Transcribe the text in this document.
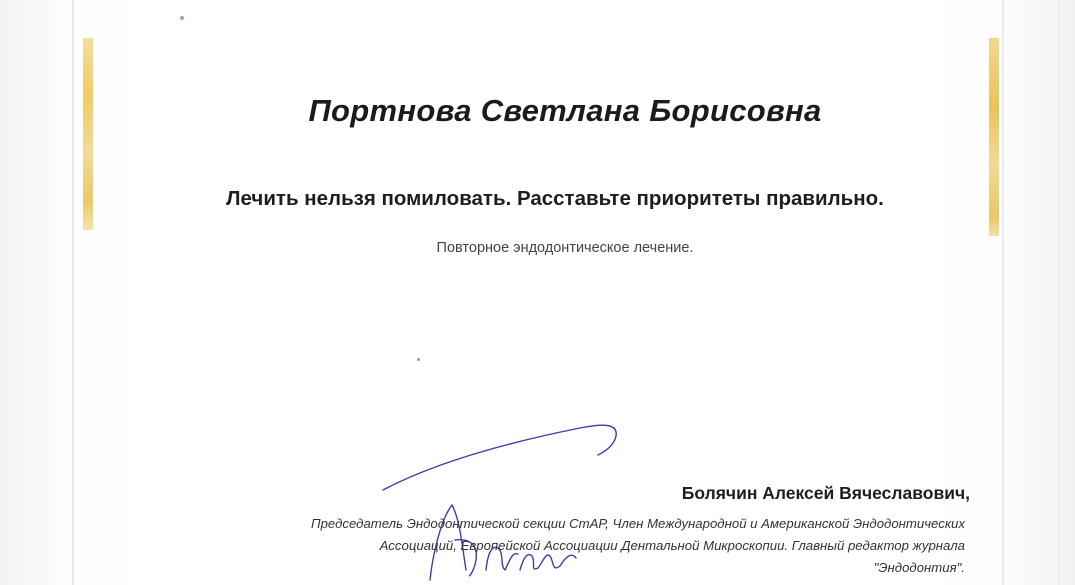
Портнова Светлана Борисовна
Лечить нельзя помиловать. Расставьте приоритеты правильно.
Повторное эндодонтическое лечение.
Болячин Алексей Вячеславович,
Председатель Эндодонтической секции СтАР, Член Международной и Американской Эндодонтических
Ассоциаций, Европейской Ассоциации Дентальной Микроскопии. Главный редактор журнала
"Эндодонтия".
